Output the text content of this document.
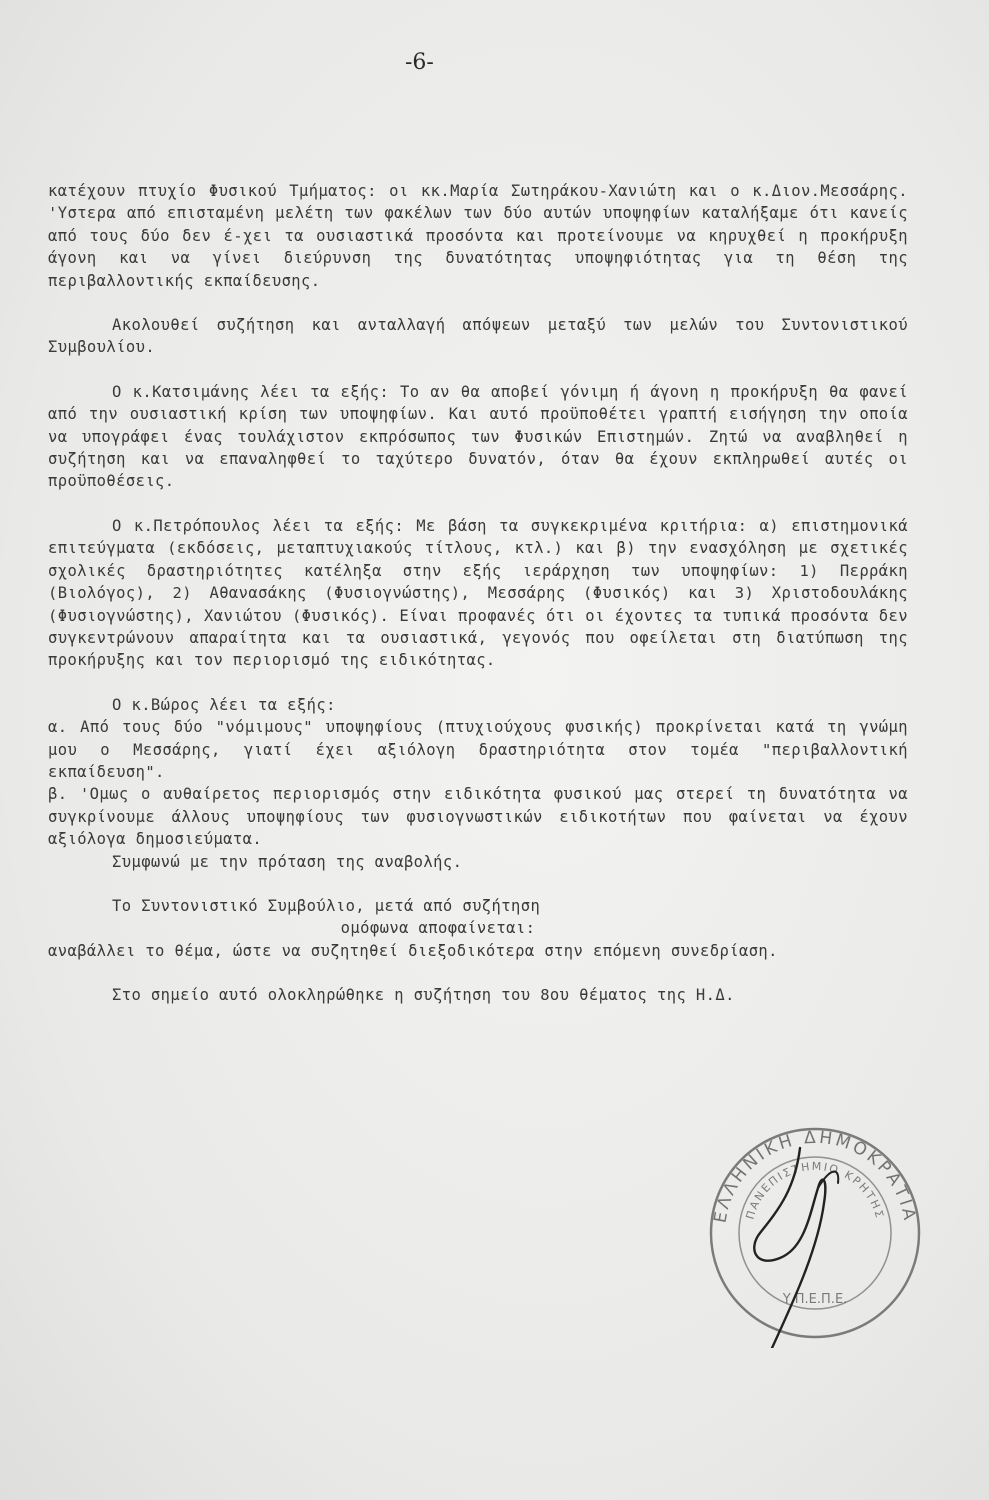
-6-

κατέχουν πτυχίο Φυσικού Τμήματος: οι κκ.Μαρία Σωτηράκου-Χανιώτη και ο κ.Διον.Μεσσάρης. 'Υστερα από επισταμένη μελέτη των φακέλων των δύο αυτών υποψηφίων καταλήξαμε ότι κανείς από τους δύο δεν έ-χει τα ουσιαστικά προσόντα και προτείνουμε να κηρυχθεί η προκήρυξη άγονη και να γίνει διεύρυνση της δυνατότητας υποψηφιότητας για τη θέση της περιβαλλοντικής εκπαίδευσης.

Ακολουθεί συζήτηση και ανταλλαγή απόψεων μεταξύ των μελών του Συντονιστικού Συμβουλίου.

Ο κ.Κατσιμάνης λέει τα εξής: Το αν θα αποβεί γόνιμη ή άγονη η προκήρυξη θα φανεί από την ουσιαστική κρίση των υποψηφίων. Και αυτό προϋποθέτει γραπτή εισήγηση την οποία να υπογράφει ένας τουλάχιστον εκπρόσωπος των Φυσικών Επιστημών. Ζητώ να αναβληθεί η συζήτηση και να επαναληφθεί το ταχύτερο δυνατόν, όταν θα έχουν εκπληρωθεί αυτές οι προϋποθέσεις.

Ο κ.Πετρόπουλος λέει τα εξής: Με βάση τα συγκεκριμένα κριτήρια: α) επιστημονικά επιτεύγματα (εκδόσεις, μεταπτυχιακούς τίτλους, κτλ.) και β) την ενασχόληση με σχετικές σχολικές δραστηριότητες κατέληξα στην εξής ιεράρχηση των υποψηφίων: 1) Περράκη (Βιολόγος), 2) Αθανασάκης (Φυσιογνώστης), Μεσσάρης (Φυσικός) και 3) Χριστοδουλάκης (Φυσιογνώστης), Χανιώτου (Φυσικός). Είναι προφανές ότι οι έχοντες τα τυπικά προσόντα δεν συγκεντρώνουν απαραίτητα και τα ουσιαστικά, γεγονός που οφείλεται στη διατύπωση της προκήρυξης και τον περιορισμό της ειδικότητας.

Ο κ.Βώρος λέει τα εξής:

α. Από τους δύο "νόμιμους" υποψηφίους (πτυχιούχους φυσικής) προκρίνεται κατά τη γνώμη μου ο Μεσσάρης, γιατί έχει αξιόλογη δραστηριότητα στον τομέα "περιβαλλοντική εκπαίδευση".

β. 'Ομως ο αυθαίρετος περιορισμός στην ειδικότητα φυσικού μας στερεί τη δυνατότητα να συγκρίνουμε άλλους υποψηφίους των φυσιογνωστικών ειδικοτήτων που φαίνεται να έχουν αξιόλογα δημοσιεύματα.

Συμφωνώ με την πρόταση της αναβολής.

Το Συντονιστικό Συμβούλιο, μετά από συζήτηση

ομόφωνα αποφαίνεται:

αναβάλλει το θέμα, ώστε να συζητηθεί διεξοδικότερα στην επόμενη συνεδρίαση.

Στο σημείο αυτό ολοκληρώθηκε η συζήτηση του 8ου θέματος της Η.Δ.

ΕΛΛΗΝΙΚΗ ΔΗΜΟΚΡΑΤΙΑ
ΠΑΝΕΠΙΣΤΗΜΙΟ ΚΡΗΤΗΣ
Υ.Π.Ε.Π.Ε.
